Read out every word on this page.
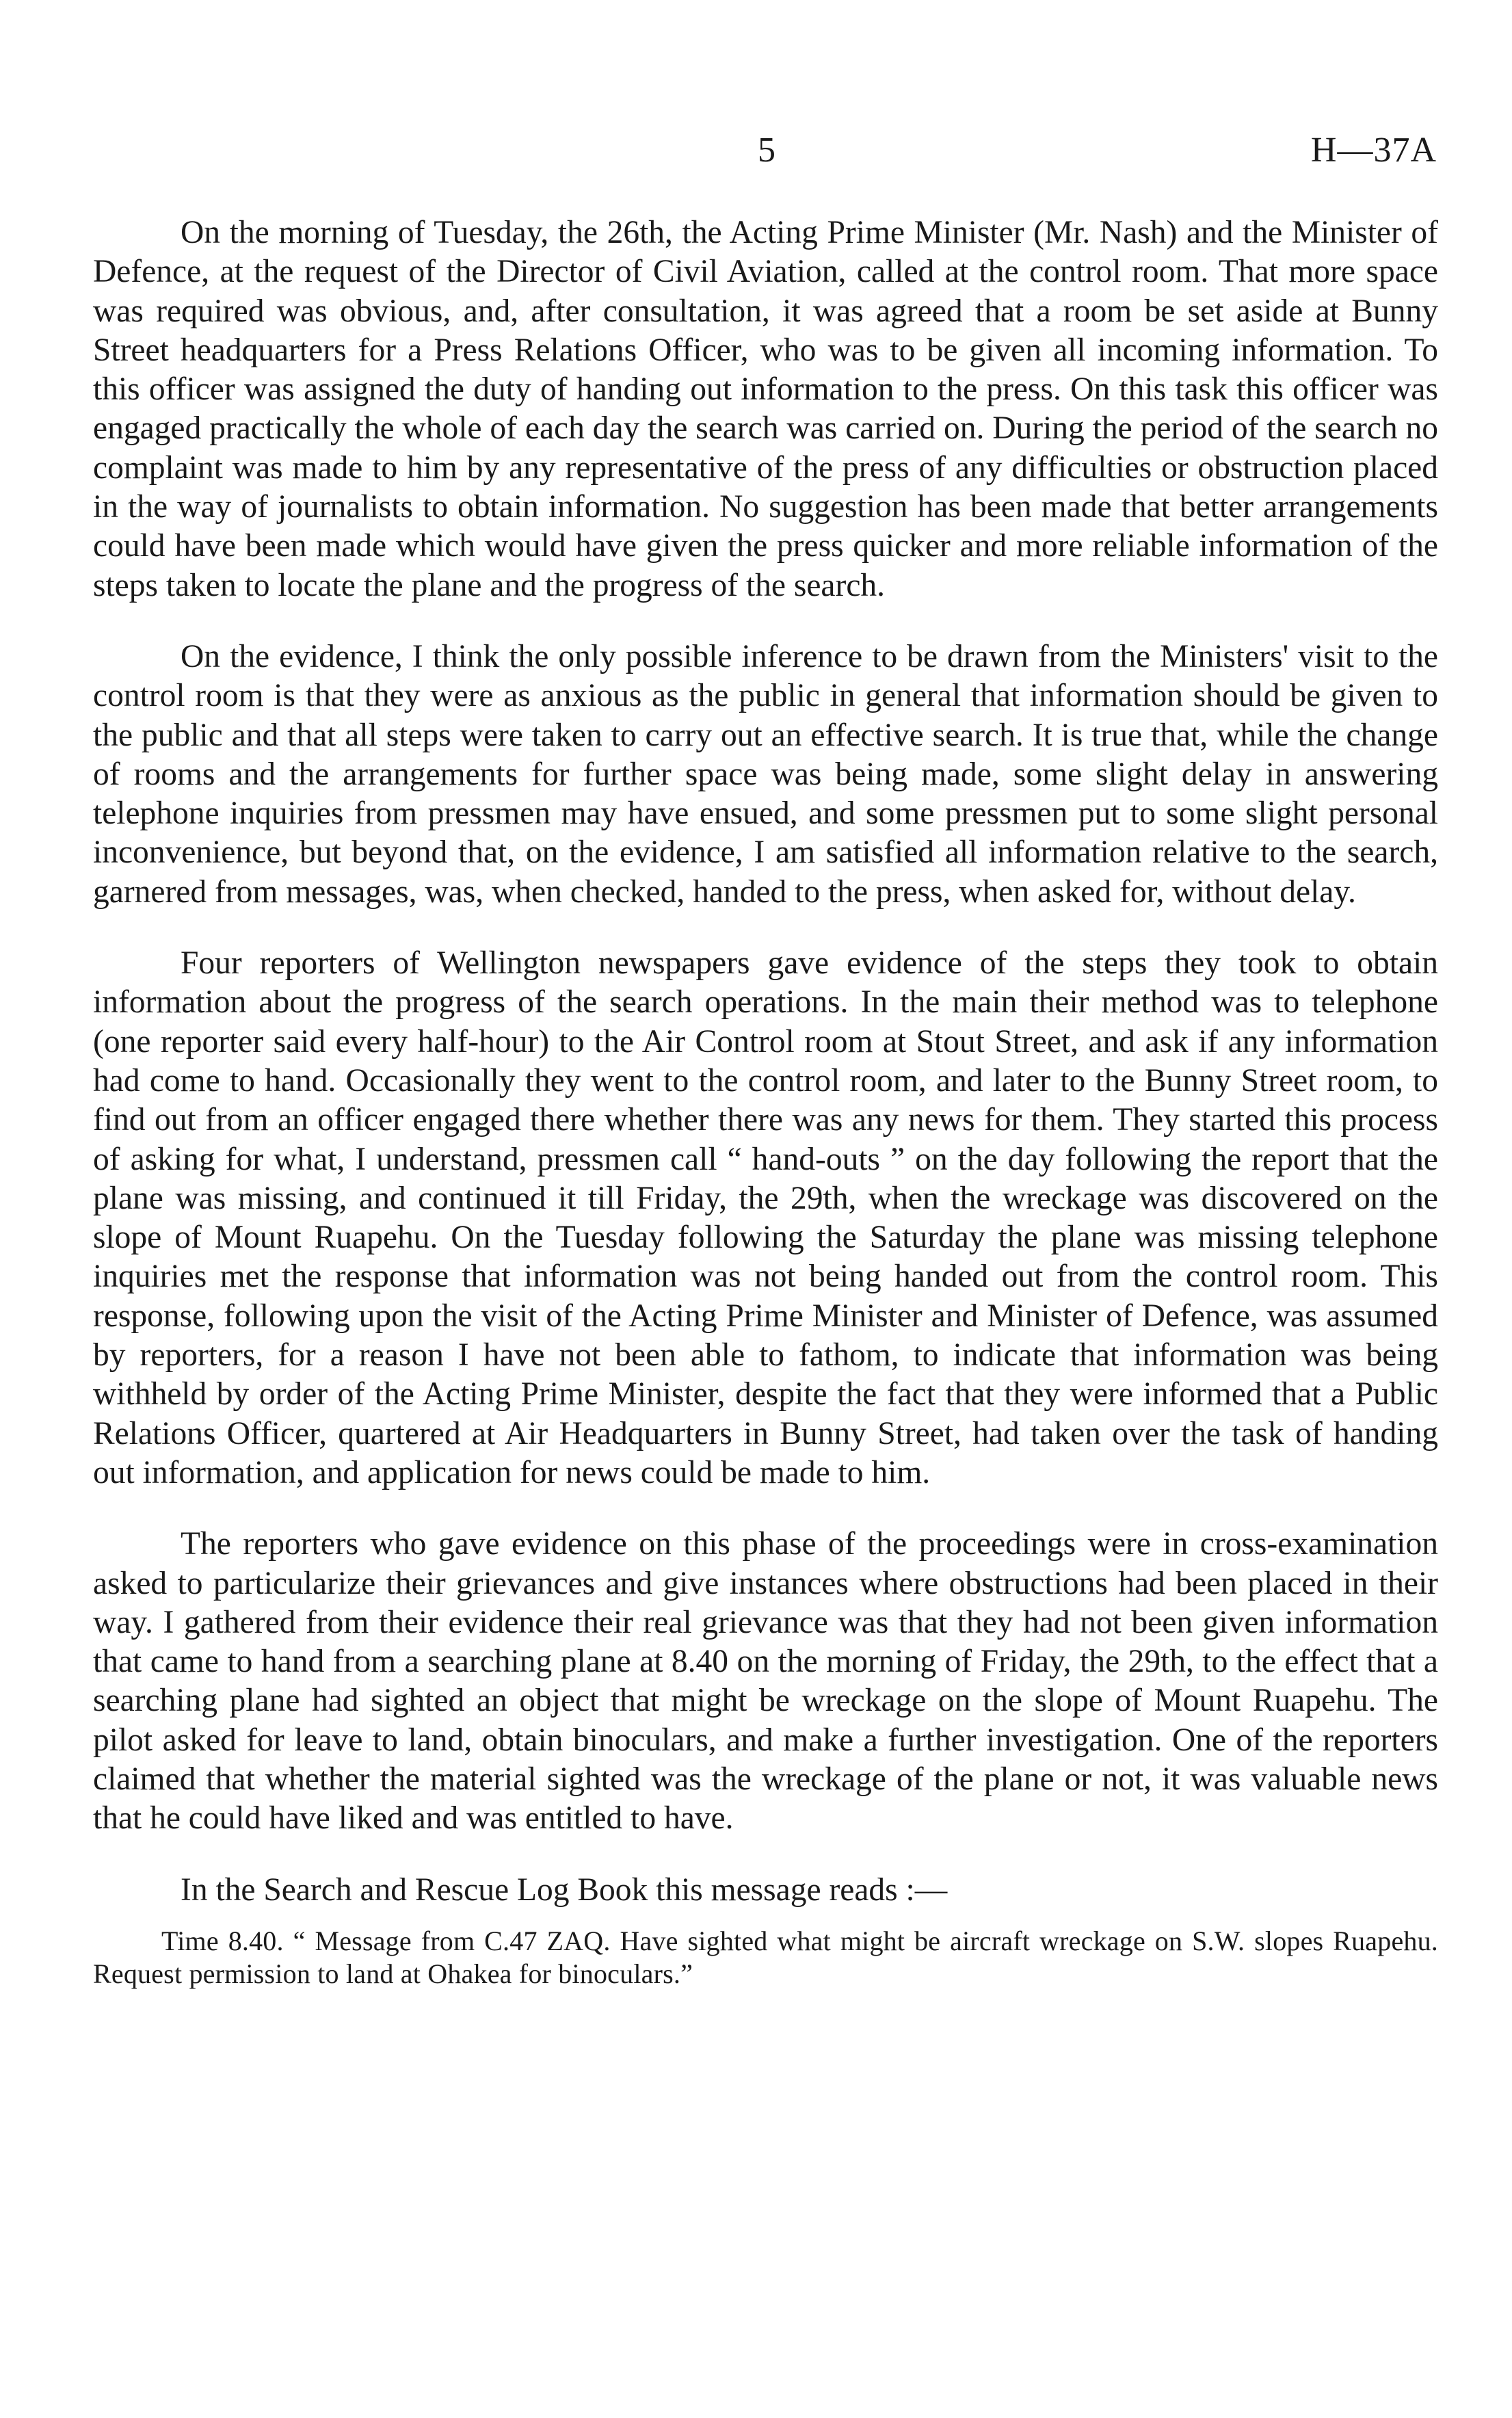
5	H—37A

On the morning of Tuesday, the 26th, the Acting Prime Minister (Mr. Nash) and the Minister of Defence, at the request of the Director of Civil Aviation, called at the control room. That more space was required was obvious, and, after consultation, it was agreed that a room be set aside at Bunny Street headquarters for a Press Relations Officer, who was to be given all incoming information. To this officer was assigned the duty of handing out information to the press. On this task this officer was engaged practically the whole of each day the search was carried on. During the period of the search no complaint was made to him by any representative of the press of any difficulties or obstruction placed in the way of journalists to obtain information. No suggestion has been made that better arrangements could have been made which would have given the press quicker and more reliable information of the steps taken to locate the plane and the progress of the search.

On the evidence, I think the only possible inference to be drawn from the Ministers' visit to the control room is that they were as anxious as the public in general that information should be given to the public and that all steps were taken to carry out an effective search. It is true that, while the change of rooms and the arrangements for further space was being made, some slight delay in answering telephone inquiries from pressmen may have ensued, and some pressmen put to some slight personal inconvenience, but beyond that, on the evidence, I am satisfied all information relative to the search, garnered from messages, was, when checked, handed to the press, when asked for, without delay.

Four reporters of Wellington newspapers gave evidence of the steps they took to obtain information about the progress of the search operations. In the main their method was to telephone (one reporter said every half-hour) to the Air Control room at Stout Street, and ask if any information had come to hand. Occasionally they went to the control room, and later to the Bunny Street room, to find out from an officer engaged there whether there was any news for them. They started this process of asking for what, I understand, pressmen call “ hand-outs ” on the day following the report that the plane was missing, and continued it till Friday, the 29th, when the wreckage was discovered on the slope of Mount Ruapehu. On the Tuesday following the Saturday the plane was missing telephone inquiries met the response that information was not being handed out from the control room. This response, following upon the visit of the Acting Prime Minister and Minister of Defence, was assumed by reporters, for a reason I have not been able to fathom, to indicate that information was being withheld by order of the Acting Prime Minister, despite the fact that they were informed that a Public Relations Officer, quartered at Air Headquarters in Bunny Street, had taken over the task of handing out information, and application for news could be made to him.

The reporters who gave evidence on this phase of the proceedings were in cross-examination asked to particularize their grievances and give instances where obstructions had been placed in their way. I gathered from their evidence their real grievance was that they had not been given information that came to hand from a searching plane at 8.40 on the morning of Friday, the 29th, to the effect that a searching plane had sighted an object that might be wreckage on the slope of Mount Ruapehu. The pilot asked for leave to land, obtain binoculars, and make a further investigation. One of the reporters claimed that whether the material sighted was the wreckage of the plane or not, it was valuable news that he could have liked and was entitled to have.

In the Search and Rescue Log Book this message reads :—

Time 8.40. “ Message from C.47 ZAQ. Have sighted what might be aircraft wreckage on S.W. slopes Ruapehu. Request permission to land at Ohakea for binoculars.”
